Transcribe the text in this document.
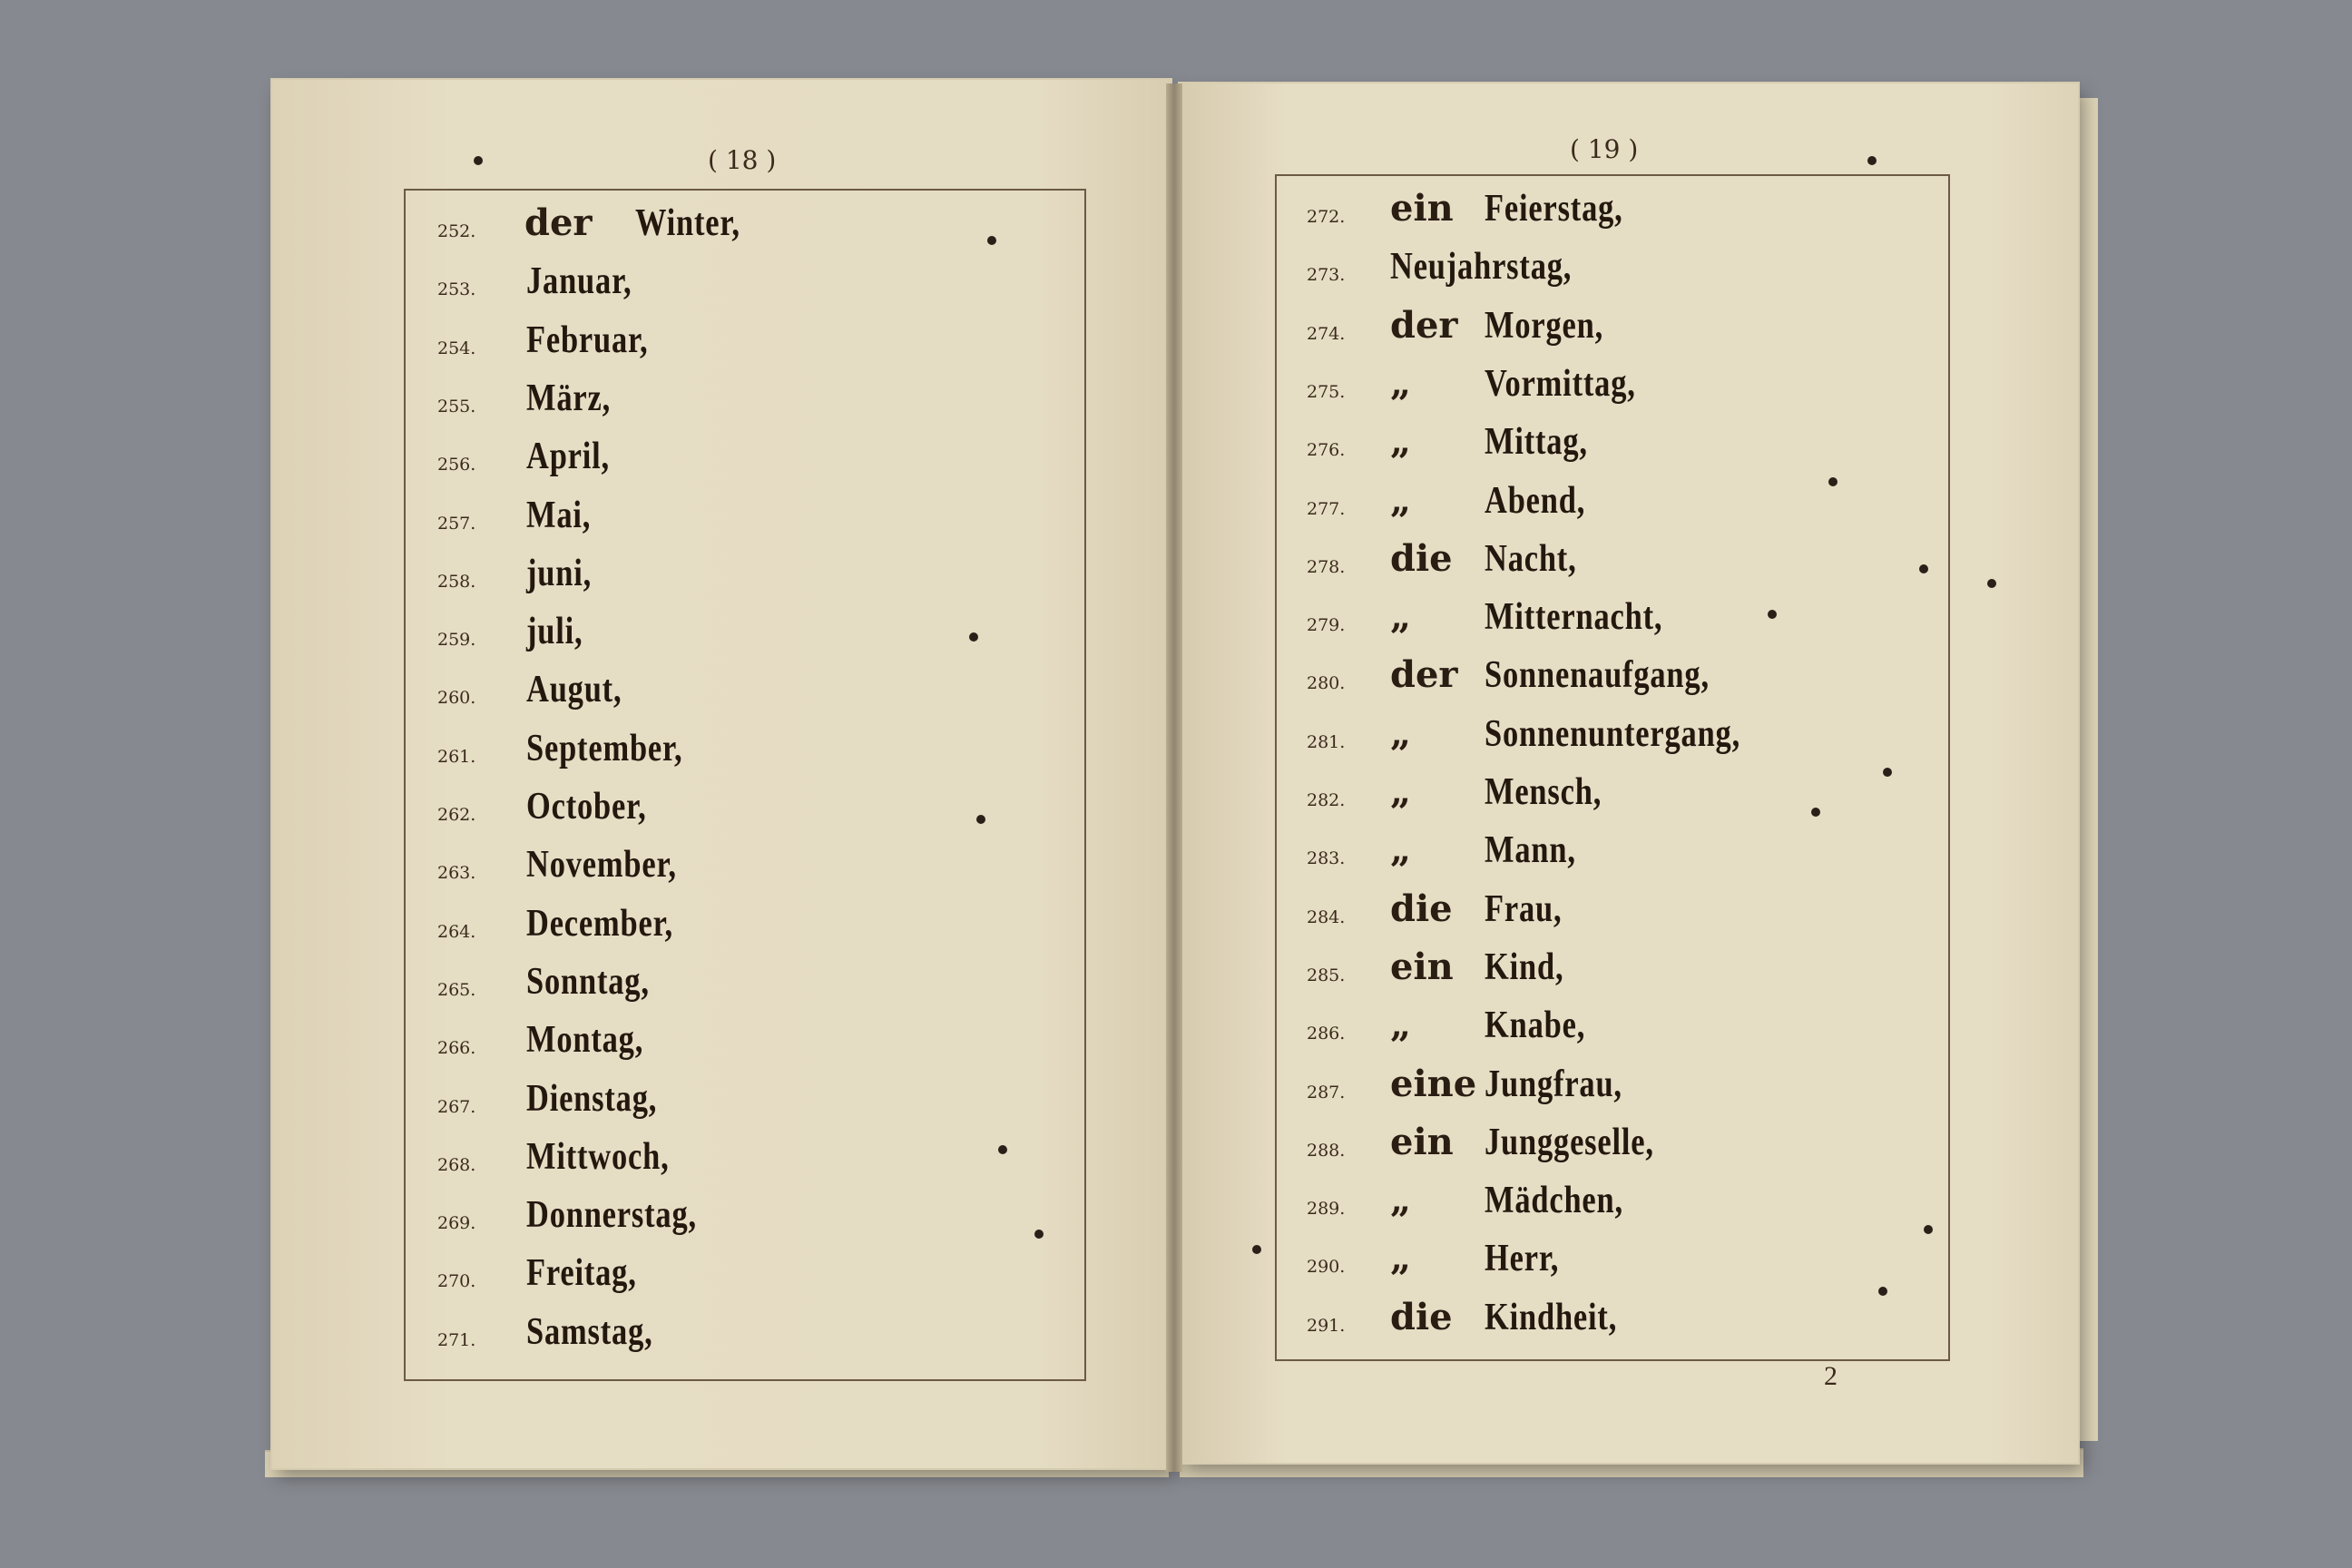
( 18 )	( 19 )
252. der Winter,
253. Januar,
254. Februar,
255. März,
256. April,
257. Mai,
258. juni,
259. juli,
260. Augut,
261. September,
262. October,
263. November,
264. December,
265. Sonntag,
266. Montag,
267. Dienstag,
268. Mittwoch,
269. Donnerstag,
270. Freitag,
271. Samstag,
272. ein Feierstag,
273. Neujahrstag,
274. der Morgen,
275. „ Vormittag,
276. „ Mittag,
277. „ Abend,
278. die Nacht,
279. „ Mitternacht,
280. der Sonnenaufgang,
281. „ Sonnenuntergang,
282. „ Mensch,
283. „ Mann,
284. die Frau,
285. ein Kind,
286. „ Knabe,
287. eine Jungfrau,
288. ein Junggeselle,
289. „ Mädchen,
290. „ Herr,
291. die Kindheit,
2
